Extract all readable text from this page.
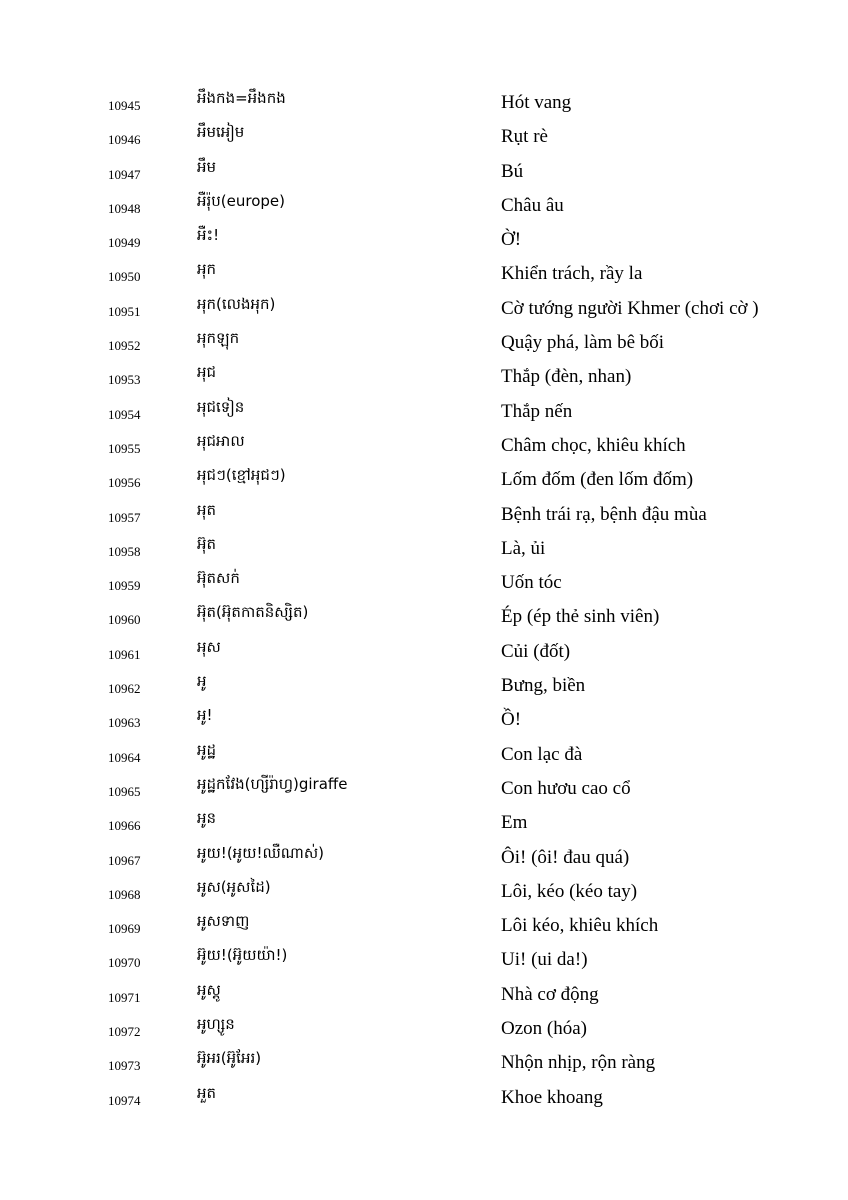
10945	អឹងកង=អឹងកង	Hót vang
10946	អឹមអៀម	Rụt rè
10947	អឹម	Bú
10948	អឺរ៉ុប(europe)	Châu âu
10949	អឺះ!	Ờ!
10950	អុក	Khiển trách, rầy la
10951	អុក(លេងអុក)	Cờ tướng người Khmer (chơi cờ )
10952	អុកឡុក	Quậy phá, làm bê bối
10953	អុជ	Thắp (đèn, nhan)
10954	អុជទៀន	Thắp nến
10955	អុជអាល	Châm chọc, khiêu khích
10956	អុជៗ(ខ្មៅអុជៗ)	Lốm đốm (đen lốm đốm)
10957	អុត	Bệnh trái rạ, bệnh đậu mùa
10958	អ៊ុត	Là, ủi
10959	អ៊ុតសក់	Uốn tóc
10960	អ៊ុត(អ៊ុតកាតនិស្សិត)	Ép (ép thẻ sinh viên)
10961	អុស	Củi (đốt)
10962	អូ	Bưng, biền
10963	អូ!	Ồ!
10964	អូដ្ឋ	Con lạc đà
10965	អូដ្ឋកវែង(ហ្សីរ៉ាហ្វ)giraffe	Con hươu cao cổ
10966	អូន	Em
10967	អូយ!(អូយ!ឈឺណាស់)	Ôi! (ôi! đau quá)
10968	អូស(អូសដៃ)	Lôi, kéo (kéo tay)
10969	អូសទាញ	Lôi kéo, khiêu khích
10970	អ៊ូយ!(អ៊ូយយ៉ា!)	Ui! (ui da!)
10971	អូស្តូ	Nhà cơ động
10972	អូហ្សូន	Ozon (hóa)
10973	អ៊ូអរ(អ៊ូអែរ)	Nhộn nhịp, rộn ràng
10974	អួត	Khoe khoang
